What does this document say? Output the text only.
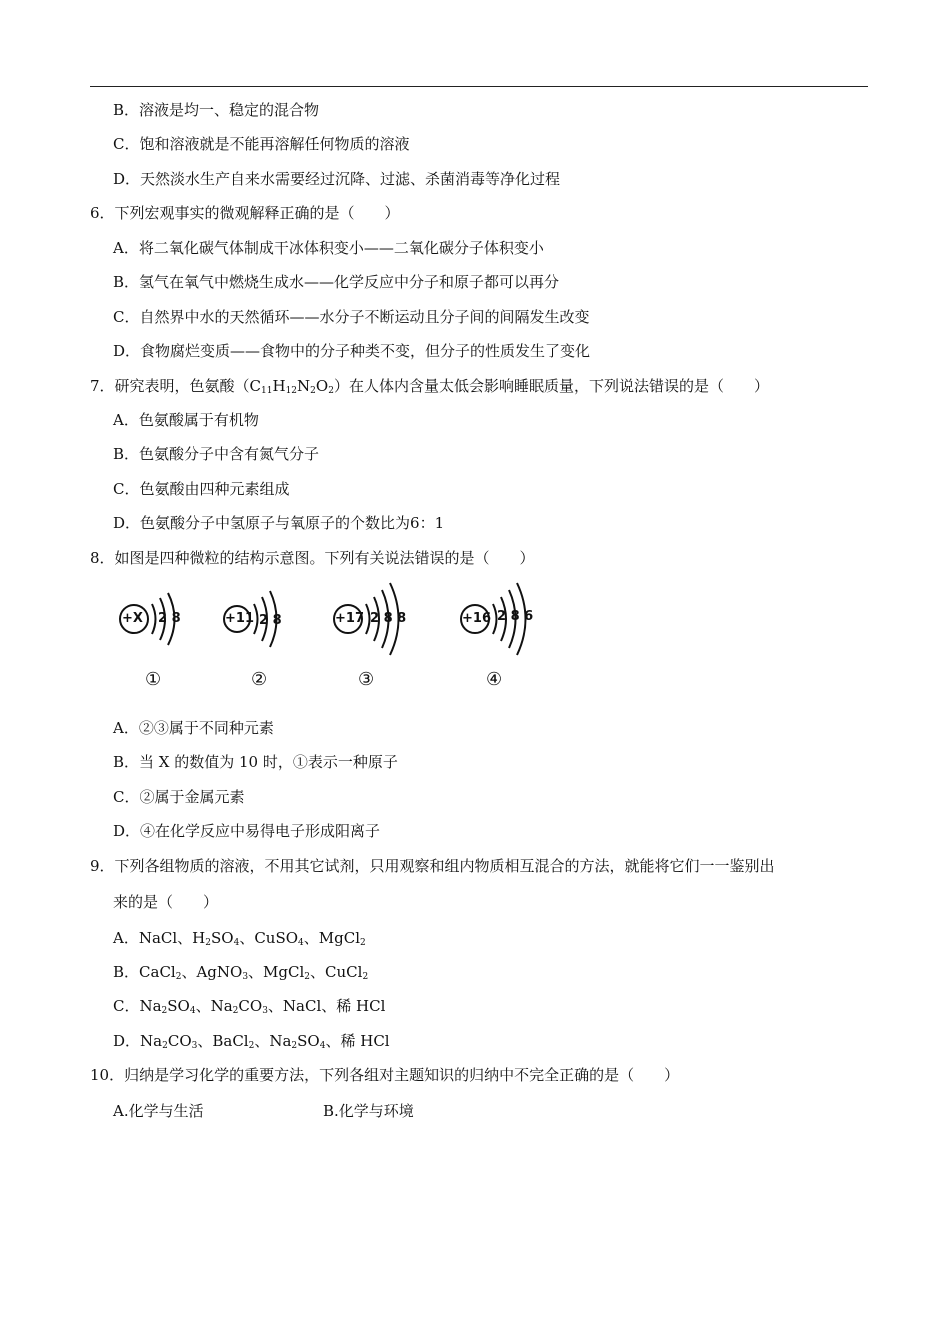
B．溶液是均一、稳定的混合物
C．饱和溶液就是不能再溶解任何物质的溶液
D．天然淡水生产自来水需要经过沉降、过滤、杀菌消毒等净化过程
6．下列宏观事实的微观解释正确的是（　　）
A．将二氧化碳气体制成干冰体积变小——二氧化碳分子体积变小
B．氢气在氧气中燃烧生成水——化学反应中分子和原子都可以再分
C．自然界中水的天然循环——水分子不断运动且分子间的间隔发生改变
D．食物腐烂变质——食物中的分子种类不变，但分子的性质发生了变化
7．研究表明，色氨酸$(C_{11}H_{12}N_2O_2)$在人体内含量太低会影响睡眠质量，下列说法错误的是（　　）
A．色氨酸属于有机物
B．色氨酸分子中含有氮气分子
C．色氨酸由四种元素组成
D．色氨酸分子中氢原子与氧原子的个数比为6：1
8．如图是四种微粒的结构示意图。下列有关说法错误的是（　　）
+X 2 8
①
+11 2 8
②
+17 2 8 8
③
+16 2 8 6
④
A．②③属于不同种元素
B．当 X 的数值为 10 时，①表示一种原子
C．②属于金属元素
D．④在化学反应中易得电子形成阳离子
9．下列各组物质的溶液，不用其它试剂，只用观察和组内物质相互混合的方法，就能将它们一一鉴别出
来的是（　　）
A．NaCl、$H_2SO_4$、CuSO$_4$、MgCl$_2$
B．CaCl$_2$、AgNO$_3$、MgCl$_2$、CuCl$_2$
C．$Na_2SO_4$、$Na_2CO_3$、NaCl、稀 HCl
D．$Na_2CO_3$、BaCl$_2$、$Na_2SO_4$、稀 HCl
10．归纳是学习化学的重要方法，下列各组对主题知识的归纳中不完全正确的是（　　）
A.化学与生活	B.化学与环境
